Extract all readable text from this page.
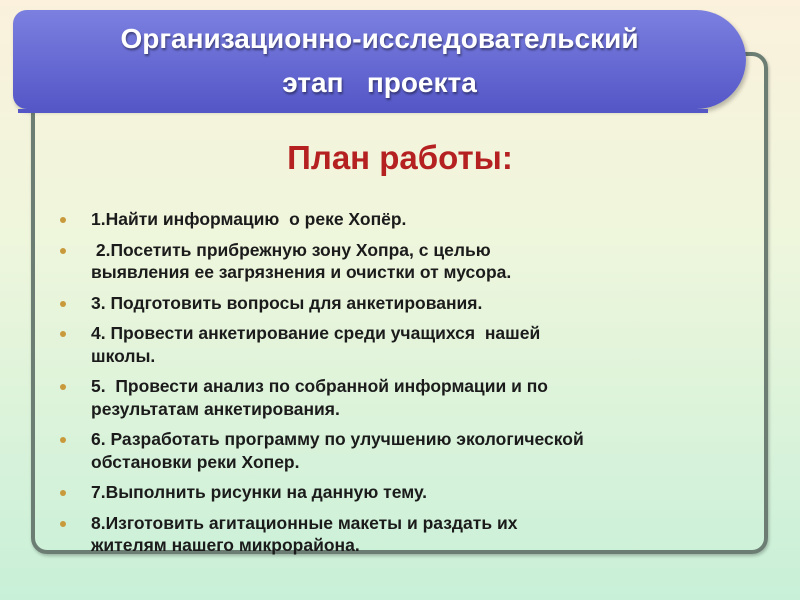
Организационно-исследовательский
этап   проекта
План работы:
1.Найти информацию  о реке Хопёр.
2.Посетить прибрежную зону Хопра, с целью
выявления ее загрязнения и очистки от мусора.
3. Подготовить вопросы для анкетирования.
4. Провести анкетирование среди учащихся  нашей
школы.
5.  Провести анализ по собранной информации и по
результатам анкетирования.
6. Разработать программу по улучшению экологической
обстановки реки Хопер.
7.Выполнить рисунки на данную тему.
8.Изготовить агитационные макеты и раздать их
жителям нашего микрорайона.
